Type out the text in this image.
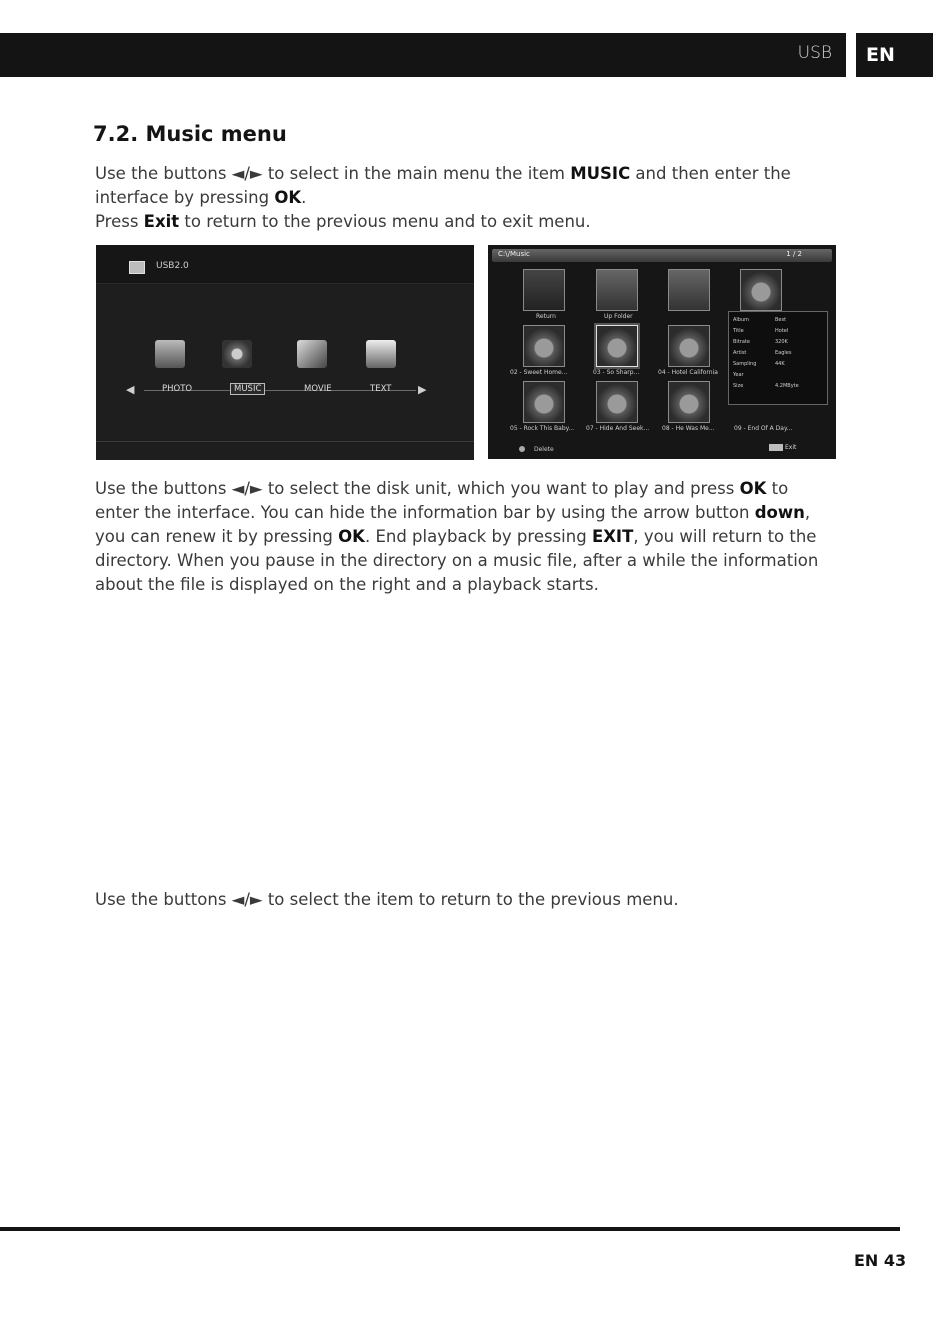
USB	EN
7.2. Music menu

Use the buttons ◄/► to select in the main menu the item MUSIC and then enter the interface by pressing OK.
Press Exit to return to the previous menu and to exit menu.

USB2.0
◀	PHOTO	MUSIC	MOVIE	TEXT ▶
C:\/Music	1 / 2
Return	Up Folder
02 - Sweet Home...	03 - So Sharp...	04 - Hotel California
05 - Rock This Baby... 07 - Hide And Seek... 08 - He Was Me...	09 - End Of A Day...
Album	Best
Title	Hotel
Bitrate	320K
Artist	Eagles
Sampling	44K
Year
Size	4.2MByte
Delete	Exit

Use the buttons ◄/► to select the disk unit, which you want to play and press OK to enter the interface. You can hide the information bar by using the arrow button down, you can renew it by pressing OK. End playback by pressing EXIT, you will return to the directory. When you pause in the directory on a music file, after a while the information about the file is displayed on the right and a playback starts.

Use the buttons ◄/► to select the item to return to the previous menu.

EN 43
